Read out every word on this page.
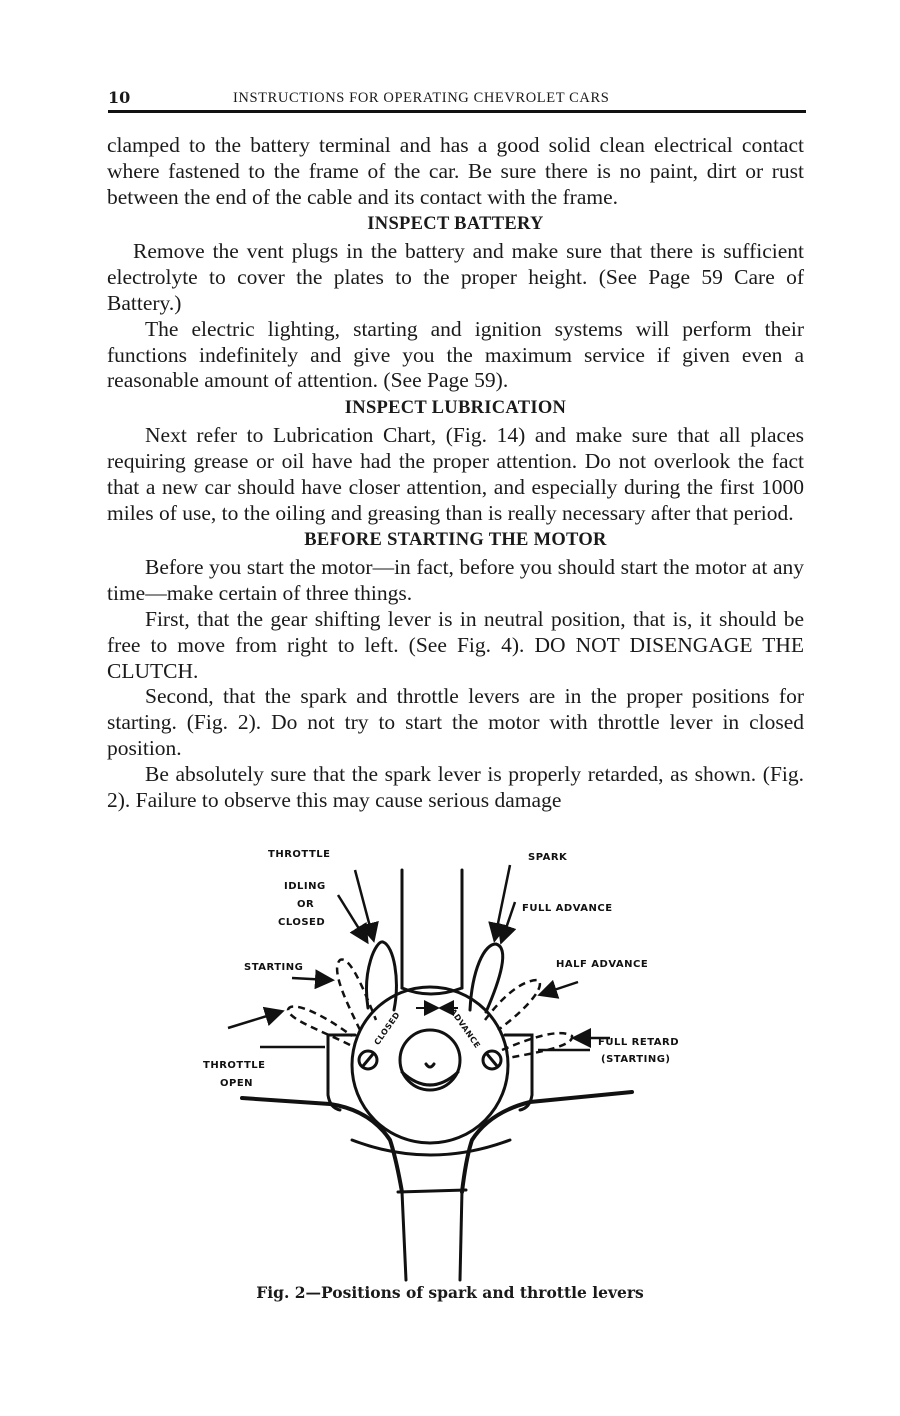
10	INSTRUCTIONS FOR OPERATING CHEVROLET CARS

clamped to the battery terminal and has a good solid clean electrical contact where fastened to the frame of the car. Be sure there is no paint, dirt or rust between the end of the cable and its contact with the frame.

INSPECT BATTERY

Remove the vent plugs in the battery and make sure that there is sufficient electrolyte to cover the plates to the proper height. (See Page 59 Care of Battery.)

The electric lighting, starting and ignition systems will perform their functions indefinitely and give you the maximum service if given even a reasonable amount of attention. (See Page 59).

INSPECT LUBRICATION

Next refer to Lubrication Chart, (Fig. 14) and make sure that all places requiring grease or oil have had the proper attention. Do not overlook the fact that a new car should have closer attention, and especially during the first 1000 miles of use, to the oiling and greasing than is really necessary after that period.

BEFORE STARTING THE MOTOR

Before you start the motor—in fact, before you should start the motor at any time—make certain of three things.

First, that the gear shifting lever is in neutral position, that is, it should be free to move from right to left. (See Fig. 4). DO NOT DISENGAGE THE CLUTCH.

Second, that the spark and throttle levers are in the proper positions for starting. (Fig. 2). Do not try to start the motor with throttle lever in closed position.

Be absolutely sure that the spark lever is properly retarded, as shown. (Fig. 2). Failure to observe this may cause serious damage

THROTTLE
IDLING
OR
CLOSED
STARTING
THROTTLE
OPEN
SPARK
FULL ADVANCE
HALF ADVANCE
FULL RETARD
(STARTING)
CLOSED	ADVANCE
Fig. 2—Positions of spark and throttle levers
